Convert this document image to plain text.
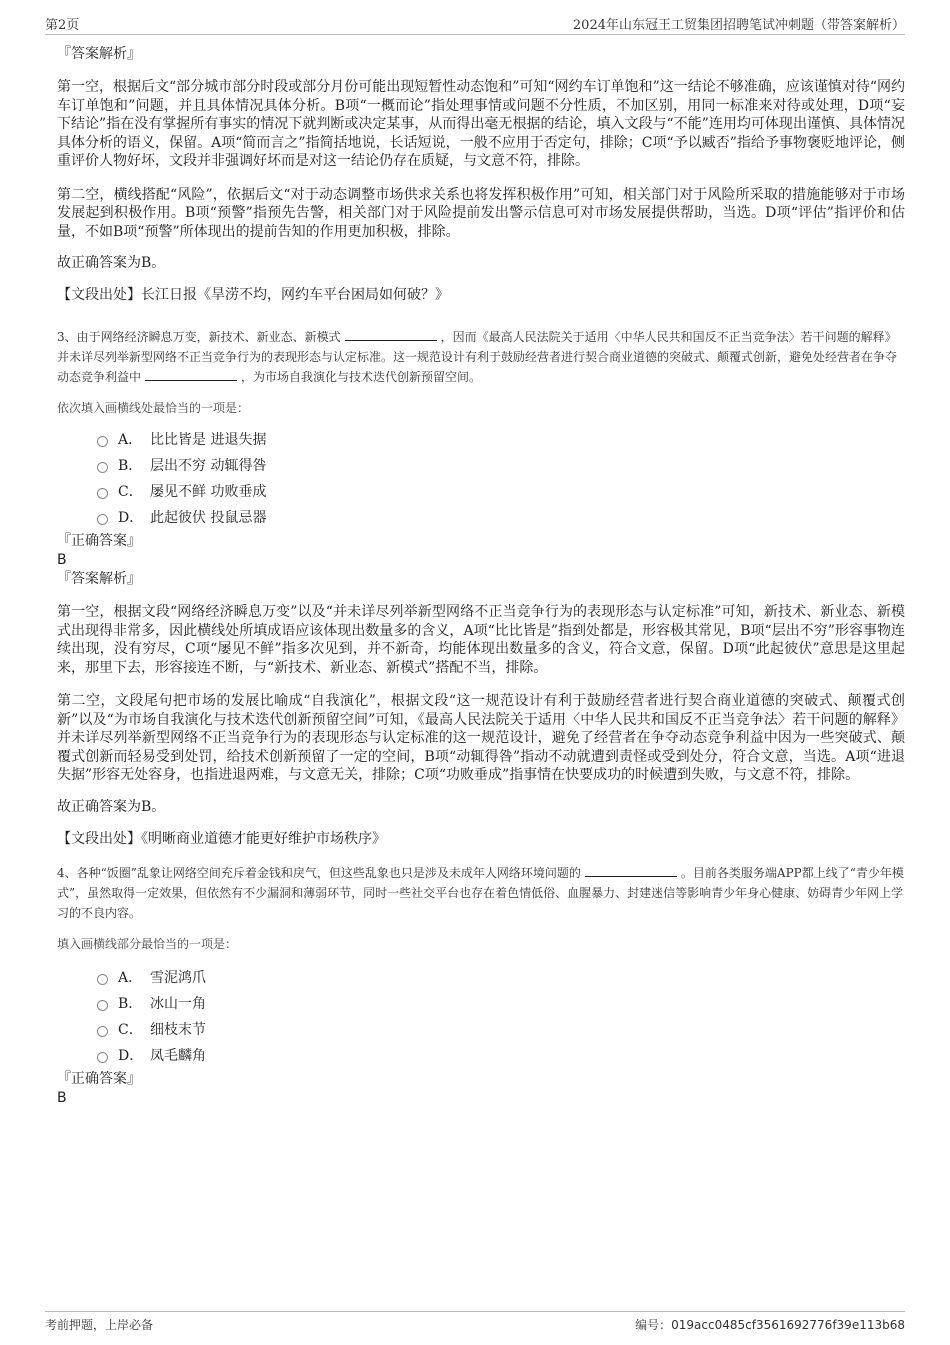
第2页	2024年山东冠王工贸集团招聘笔试冲刺题（带答案解析）

『答案解析』

第一空，根据后文“部分城市部分时段或部分月份可能出现短暂性动态饱和”可知“网约车订单饱和”这一结论不够准确，应该谨慎对待“网约车订单饱和”问题，并且具体情况具体分析。B项“一概而论”指处理事情或问题不分性质，不加区别，用同一标准来对待或处理，D项“妄下结论”指在没有掌握所有事实的情况下就判断或决定某事，从而得出毫无根据的结论，填入文段与“不能”连用均可体现出谨慎、具体情况具体分析的语义，保留。A项“简而言之”指简括地说，长话短说，一般不应用于否定句，排除；C项“予以臧否”指给予事物褒贬地评论，侧重评价人物好坏，文段并非强调好坏而是对这一结论仍存在质疑，与文意不符，排除。

第二空，横线搭配“风险”，依据后文“对于动态调整市场供求关系也将发挥积极作用”可知，相关部门对于风险所采取的措施能够对于市场发展起到积极作用。B项“预警”指预先告警，相关部门对于风险提前发出警示信息可对市场发展提供帮助，当选。D项“评估”指评价和估量，不如B项“预警”所体现出的提前告知的作用更加积极，排除。

故正确答案为B。

【文段出处】长江日报《旱涝不均，网约车平台困局如何破？》

3、由于网络经济瞬息万变，新技术、新业态、新模式	，因而《最高人民法院关于适用〈中华人民共和国反不正当竞争法〉若干问题的解释》并未详尽列举新型网络不正当竞争行为的表现形态与认定标准。这一规范设计有利于鼓励经营者进行契合商业道德的突破式、颠覆式创新，避免处经营者在争夺动态竞争利益中	，为市场自我演化与技术迭代创新预留空间。

依次填入画横线处最恰当的一项是：

A． 比比皆是 进退失据
B． 层出不穷 动辄得咎
C． 屡见不鲜 功败垂成
D． 此起彼伏 投鼠忌器

『正确答案』

B

『答案解析』

第一空，根据文段“网络经济瞬息万变”以及“并未详尽列举新型网络不正当竞争行为的表现形态与认定标准”可知，新技术、新业态、新模式出现得非常多，因此横线处所填成语应该体现出数量多的含义，A项“比比皆是”指到处都是，形容极其常见，B项“层出不穷”形容事物连续出现，没有穷尽，C项“屡见不鲜”指多次见到，并不新奇，均能体现出数量多的含义，符合文意，保留。D项“此起彼伏”意思是这里起来，那里下去，形容接连不断，与“新技术、新业态、新模式”搭配不当，排除。

第二空，文段尾句把市场的发展比喻成“自我演化”，根据文段“这一规范设计有利于鼓励经营者进行契合商业道德的突破式、颠覆式创新”以及“为市场自我演化与技术迭代创新预留空间”可知，《最高人民法院关于适用〈中华人民共和国反不正当竞争法〉若干问题的解释》并未详尽列举新型网络不正当竞争行为的表现形态与认定标准的这一规范设计，避免了经营者在争夺动态竞争利益中因为一些突破式、颠覆式创新而轻易受到处罚，给技术创新预留了一定的空间，B项“动辄得咎”指动不动就遭到责怪或受到处分，符合文意，当选。A项“进退失据”形容无处容身，也指进退两难，与文意无关，排除；C项“功败垂成”指事情在快要成功的时候遭到失败，与文意不符，排除。

故正确答案为B。

【文段出处】《明晰商业道德才能更好维护市场秩序》

4、各种“饭圈”乱象让网络空间充斥着金钱和戾气，但这些乱象也只是涉及未成年人网络环境问题的	。目前各类服务端APP都上线了“青少年模式”，虽然取得一定效果，但依然有不少漏洞和薄弱环节，同时一些社交平台也存在着色情低俗、血腥暴力、封建迷信等影响青少年身心健康、妨碍青少年网上学习的不良内容。

填入画横线部分最恰当的一项是：

A． 雪泥鸿爪
B． 冰山一角
C． 细枝末节
D． 凤毛麟角

『正确答案』

B

考前押题，上岸必备	编号：019acc0485cf3561692776f39e113b68
